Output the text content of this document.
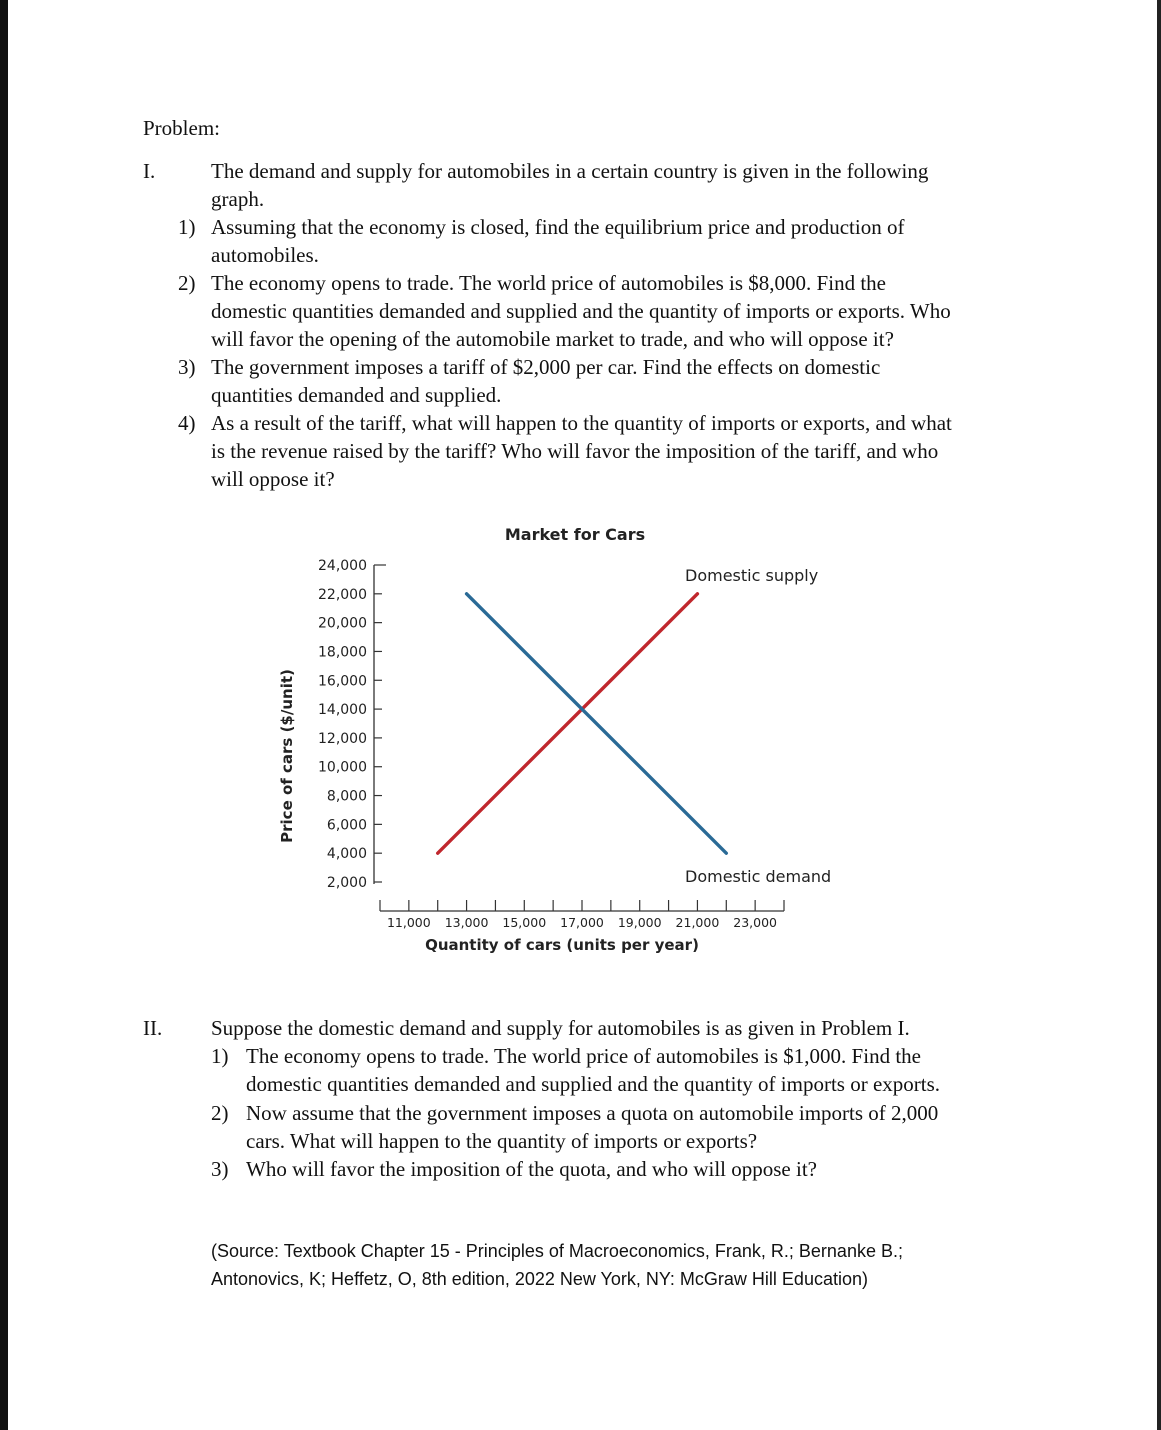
Problem:
I.	The demand and supply for automobiles in a certain country is given in the following
graph.
1) Assuming that the economy is closed, find the equilibrium price and production of
automobiles.
2) The economy opens to trade. The world price of automobiles is $8,000. Find the
domestic quantities demanded and supplied and the quantity of imports or exports. Who
will favor the opening of the automobile market to trade, and who will oppose it?
3) The government imposes a tariff of $2,000 per car. Find the effects on domestic
quantities demanded and supplied.
4) As a result of the tariff, what will happen to the quantity of imports or exports, and what
is the revenue raised by the tariff? Who will favor the imposition of the tariff, and who
will oppose it?
Market for Cars
Price of cars ($/unit)
Quantity of cars (units per year)
2,000
4,000
6,000
8,000
10,000
12,000
14,000
16,000
18,000
20,000
22,000
24,000
11,000 13,000 15,000 17,000 19,000 21,000 23,000
Domestic supply
Domestic demand
II. Suppose the domestic demand and supply for automobiles is as given in Problem I.
1) The economy opens to trade. The world price of automobiles is $1,000. Find the
domestic quantities demanded and supplied and the quantity of imports or exports.
2) Now assume that the government imposes a quota on automobile imports of 2,000
cars. What will happen to the quantity of imports or exports?
3) Who will favor the imposition of the quota, and who will oppose it?
(Source: Textbook Chapter 15 - Principles of Macroeconomics, Frank, R.; Bernanke B.;
Antonovics, K; Heffetz, O, 8th edition, 2022 New York, NY: McGraw Hill Education)
